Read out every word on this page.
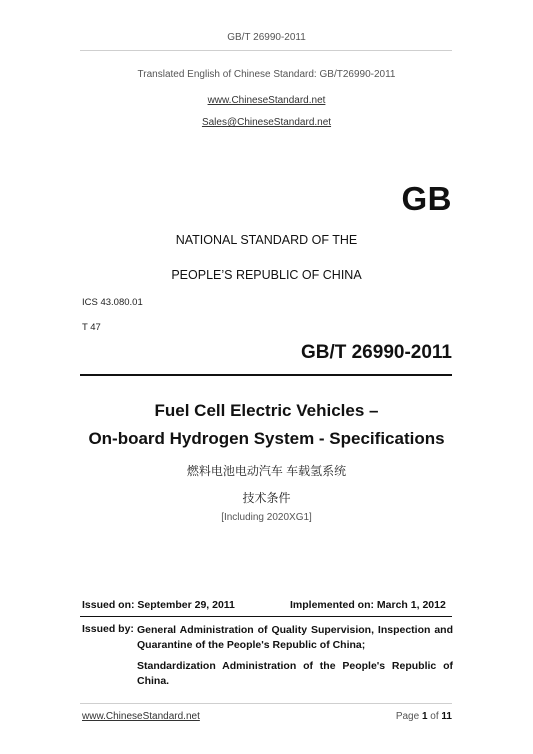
GB/T 26990-2011
Translated English of Chinese Standard: GB/T26990-2011
www.ChineseStandard.net
Sales@ChineseStandard.net
GB
NATIONAL STANDARD OF THE
PEOPLE’S REPUBLIC OF CHINA
ICS 43.080.01
T 47
GB/T 26990-2011
Fuel Cell Electric Vehicles –
On-board Hydrogen System - Specifications
燃料电池电动汽车 车载氢系统
技术条件
[Including 2020XG1]
Issued on: September 29, 2011	Implemented on: March 1, 2012
Issued by: General Administration of Quality Supervision, Inspection and Quarantine of the People's Republic of China;
Standardization Administration of the People's Republic of China.
www.ChineseStandard.net	Page 1 of 11
